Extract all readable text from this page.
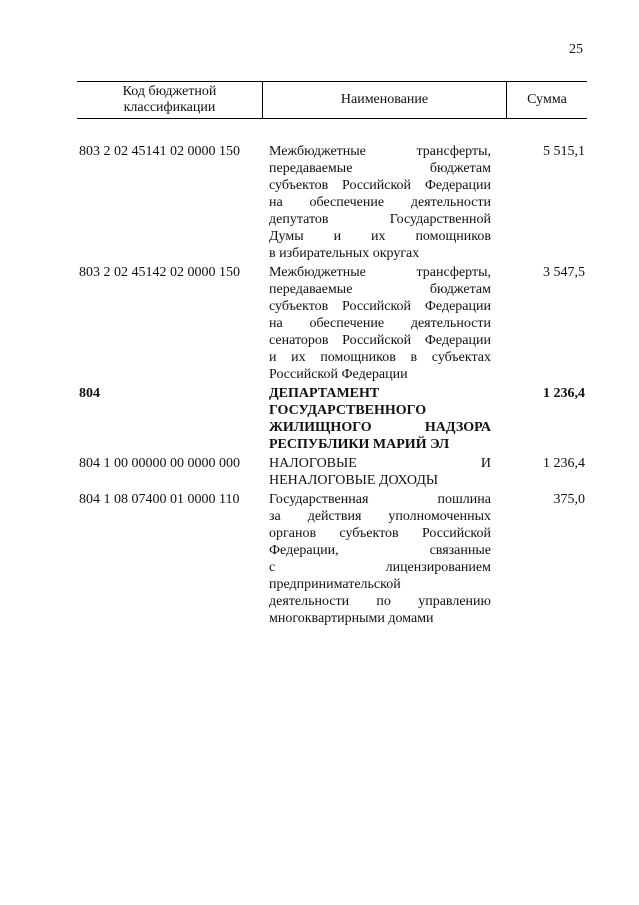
25
Код бюджетной классификации
Наименование	Сумма
803 2 02 45141 02 0000 150	Межбюджетные трансферты,
передаваемые бюджетам
субъектов Российской Федерации
на обеспечение деятельности
депутатов Государственной
Думы и их помощников
в избирательных округах
5 515,1
803 2 02 45142 02 0000 150	Межбюджетные трансферты,
передаваемые бюджетам
субъектов Российской Федерации
на обеспечение деятельности
сенаторов Российской Федерации
и их помощников в субъектах
Российской Федерации
3 547,5
804	ДЕПАРТАМЕНТ
ГОСУДАРСТВЕННОГО
ЖИЛИЩНОГО НАДЗОРА
РЕСПУБЛИКИ МАРИЙ ЭЛ
1 236,4
804 1 00 00000 00 0000 000	НАЛОГОВЫЕ И
НЕНАЛОГОВЫЕ ДОХОДЫ
1 236,4
804 1 08 07400 01 0000 110	Государственная пошлина
за действия уполномоченных
органов субъектов Российской
Федерации, связанные
с лицензированием
предпринимательской
деятельности по управлению
многоквартирными домами
375,0
